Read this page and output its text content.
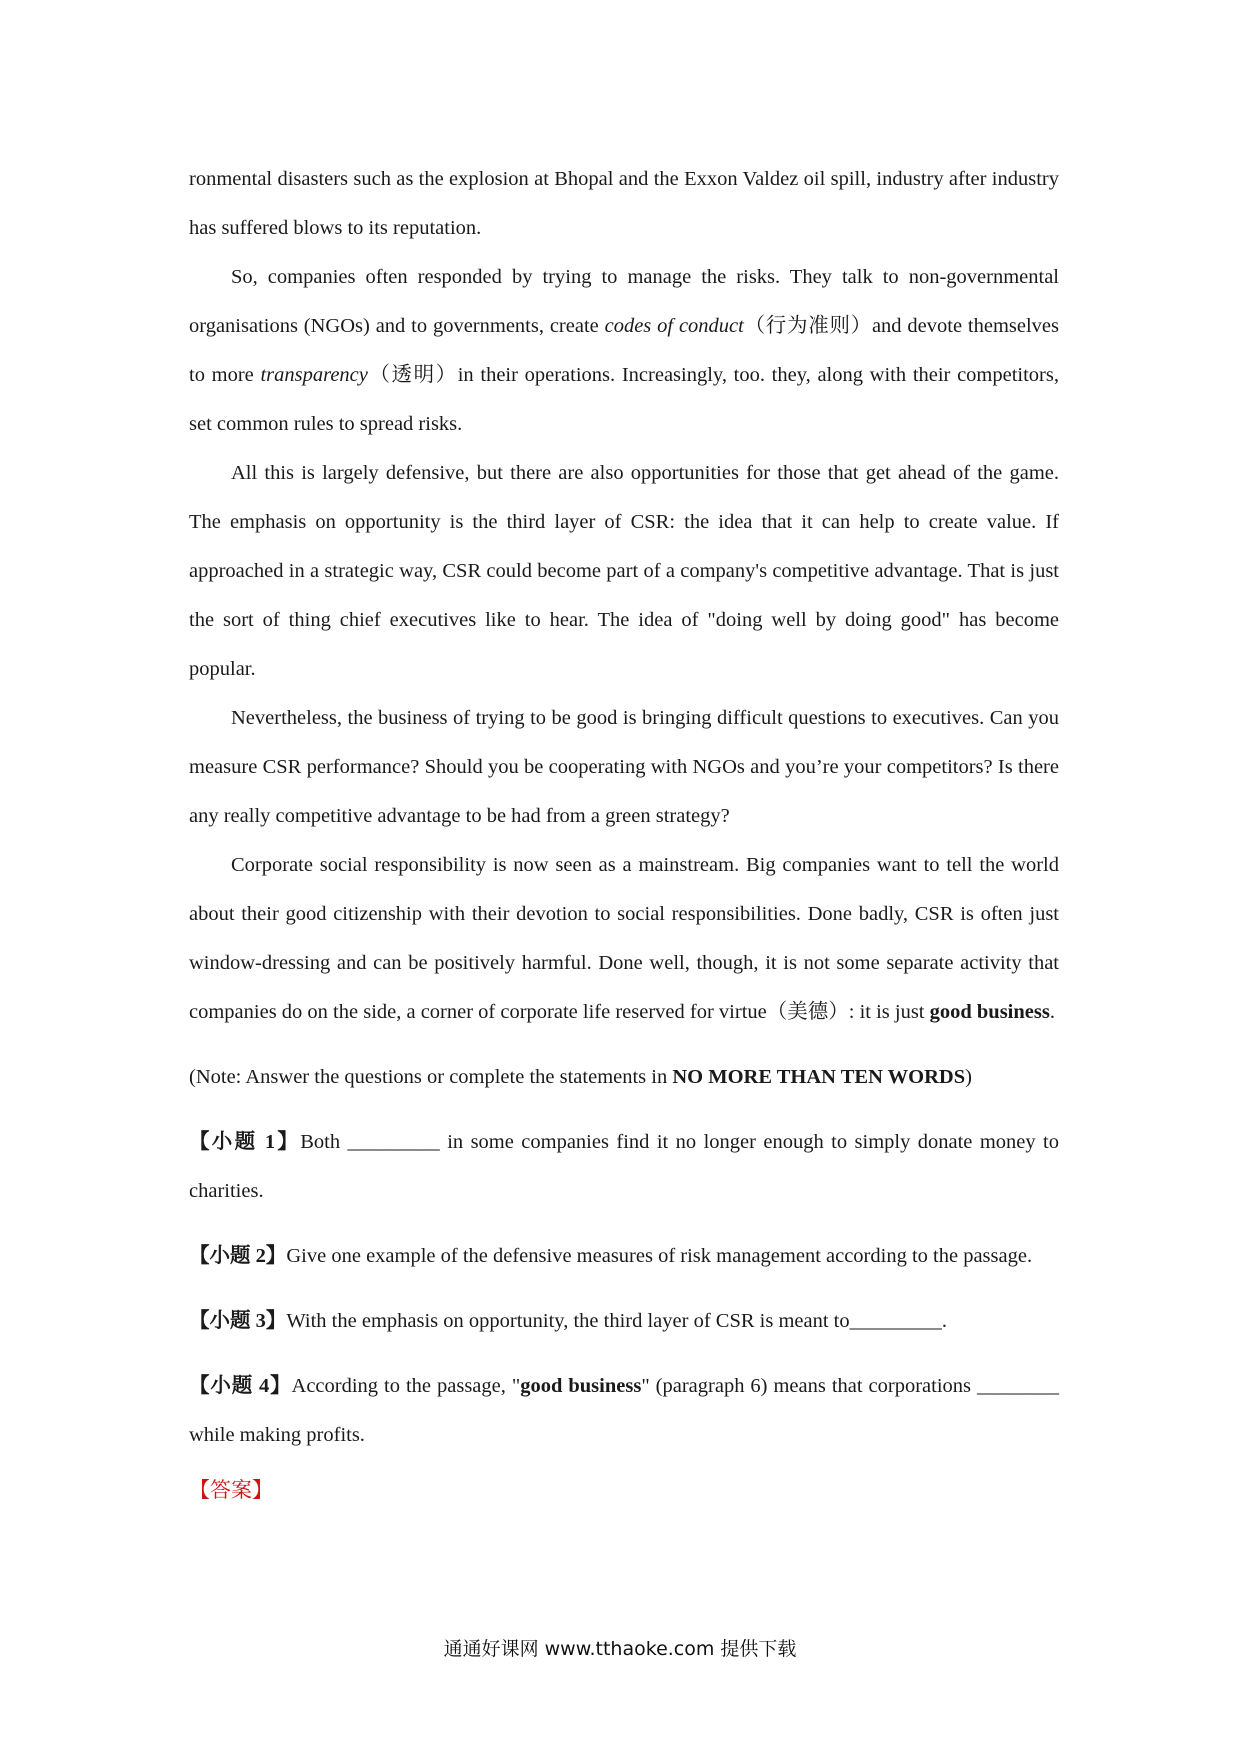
ronmental disasters such as the explosion at Bhopal and the Exxon Valdez oil spill, industry after industry has suffered blows to its reputation.

So, companies often responded by trying to manage the risks. They talk to non-governmental organisations (NGOs) and to governments, create codes of conduct（行为准则）and devote themselves to more transparency（透明）in their operations. Increasingly, too. they, along with their competitors, set common rules to spread risks.

All this is largely defensive, but there are also opportunities for those that get ahead of the game. The emphasis on opportunity is the third layer of CSR: the idea that it can help to create value. If approached in a strategic way, CSR could become part of a company's competitive advantage. That is just the sort of thing chief executives like to hear. The idea of "doing well by doing good" has become popular.

Nevertheless, the business of trying to be good is bringing difficult questions to executives. Can you measure CSR performance? Should you be cooperating with NGOs and you’re your competitors? Is there any really competitive advantage to be had from a green strategy?

Corporate social responsibility is now seen as a mainstream. Big companies want to tell the world about their good citizenship with their devotion to social responsibilities. Done badly, CSR is often just window-dressing and can be positively harmful. Done well, though, it is not some separate activity that companies do on the side, a corner of corporate life reserved for virtue（美德）: it is just good business.

(Note: Answer the questions or complete the statements in NO MORE THAN TEN WORDS)

【小题 1】Both _________ in some companies find it no longer enough to simply donate money to charities.

【小题 2】Give one example of the defensive measures of risk management according to the passage.

【小题 3】With the emphasis on opportunity, the third layer of CSR is meant to_________.

【小题 4】According to the passage, "good business" (paragraph 6) means that corporations ________ while making profits.

【答案】
通通好课网 www.tthaoke.com 提供下载
